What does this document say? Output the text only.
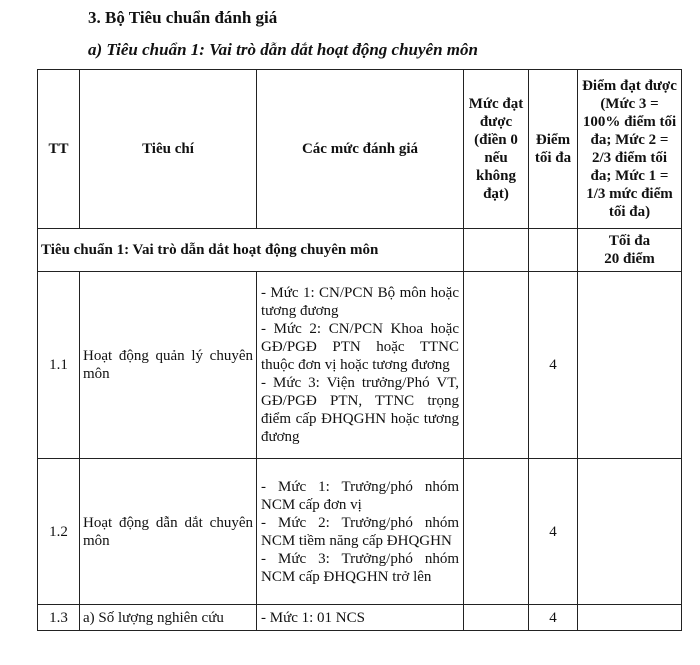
3. Bộ Tiêu chuẩn đánh giá
a) Tiêu chuẩn 1: Vai trò dẫn dắt hoạt động chuyên môn
TT	Tiêu chí	Các mức đánh giá	Mức đạt được (điền 0 nếu không đạt)	Điểm tối đa	Điểm đạt được (Mức 3 = 100% điểm tối đa; Mức 2 = 2/3 điểm tối đa; Mức 1 = 1/3 mức điểm tối đa)
Tiêu chuẩn 1: Vai trò dẫn dắt hoạt động chuyên môn					Tối đa
20 điểm

1.1	Hoạt động quản lý chuyên môn	- Mức 1: CN/PCN Bộ môn hoặc tương đương
- Mức 2: CN/PCN Khoa hoặc GĐ/PGĐ PTN hoặc TTNC thuộc đơn vị hoặc tương đương
- Mức 3: Viện trưởng/Phó VT, GĐ/PGĐ PTN, TTNC trọng điểm cấp ĐHQGHN hoặc tương đương		4	
1.2	Hoạt động dẫn dắt chuyên môn	- Mức 1: Trưởng/phó nhóm NCM cấp đơn vị
- Mức 2: Trưởng/phó nhóm NCM tiềm năng cấp ĐHQGHN
- Mức 3: Trưởng/phó nhóm NCM cấp ĐHQGHN trở lên		4	
1.3	a) Số lượng nghiên cứu	- Mức 1: 01 NCS		4	
